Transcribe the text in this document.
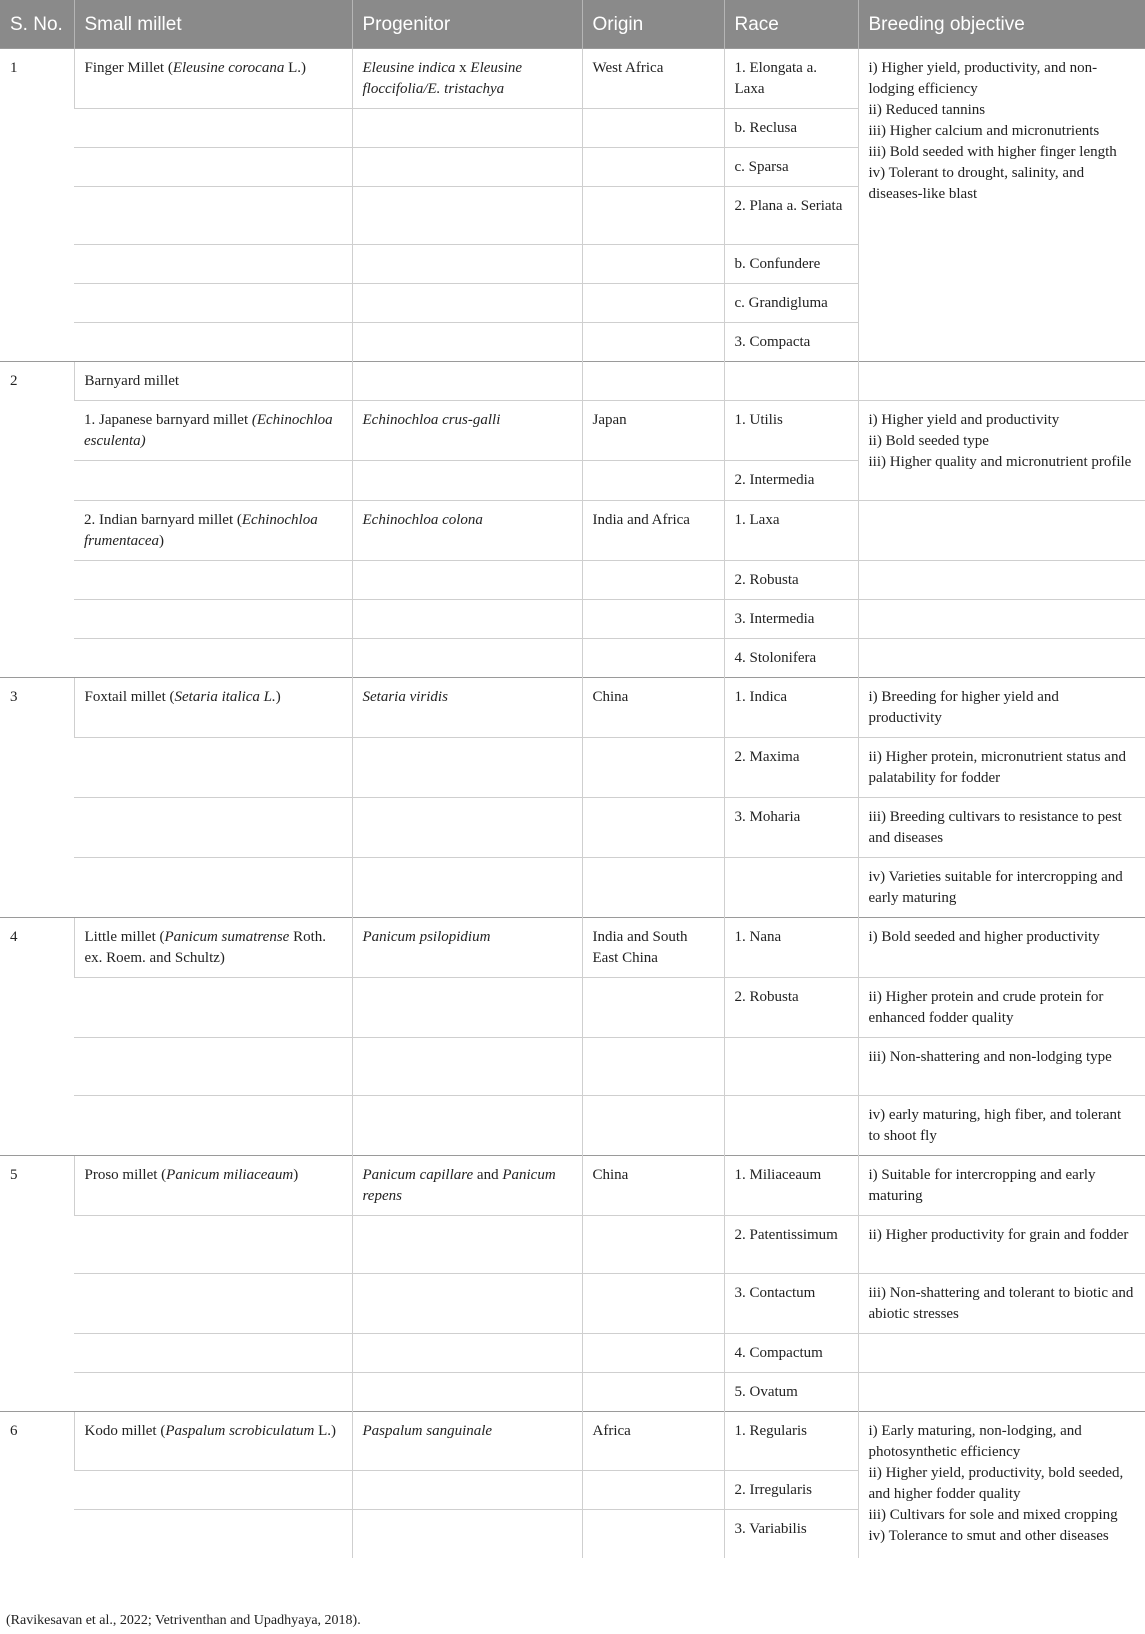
S. No.	Small millet	Progenitor	Origin	Race	Breeding objective
1	Finger Millet (Eleusine corocana L.)	Eleusine indica x Eleusine floccifolia/E. tristachya	West Africa	1. Elongata a. Laxa	i) Higher yield, productivity, and non-lodging efficiency
ii) Reduced tannins
iii) Higher calcium and micronutrients
iii) Bold seeded with higher finger length
iv) Tolerant to drought, salinity, and diseases-like blast

				b. Reclusa	
				c. Sparsa	
				2. Plana a. Seriata	
				b. Confundere	
				c. Grandigluma	
				3. Compacta	
2	Barnyard millet				
	1. Japanese barnyard millet (Echinochloa esculenta)	Echinochloa crus-galli	Japan	1. Utilis	i) Higher yield and productivity
ii) Bold seeded type
iii) Higher quality and micronutrient profile

				2. Intermedia	
	2. Indian barnyard millet (Echinochloa frumentacea)	Echinochloa colona	India and Africa	1. Laxa	
				2. Robusta	
				3. Intermedia	
				4. Stolonifera	
3	Foxtail millet (Setaria italica L.)	Setaria viridis	China	1. Indica	i) Breeding for higher yield and productivity

				2. Maxima	ii) Higher protein, micronutrient status and palatability for fodder

				3. Moharia	iii) Breeding cultivars to resistance to pest and diseases

					iv) Varieties suitable for intercropping and early maturing

4	Little millet (Panicum sumatrense Roth. ex. Roem. and Schultz)	Panicum psilopidium	India and South East China	1. Nana	i) Bold seeded and higher productivity

				2. Robusta	ii) Higher protein and crude protein for enhanced fodder quality

					iii) Non-shattering and non-lodging type

					iv) early maturing, high fiber, and tolerant to shoot fly

5	Proso millet (Panicum miliaceaum)	Panicum capillare and Panicum repens	China	1. Miliaceaum	i) Suitable for intercropping and early maturing

				2. Patentissimum	ii) Higher productivity for grain and fodder

				3. Contactum	iii) Non-shattering and tolerant to biotic and abiotic stresses

				4. Compactum	
				5. Ovatum	
6	Kodo millet (Paspalum scrobiculatum L.)	Paspalum sanguinale	Africa	1. Regularis	i) Early maturing, non-lodging, and photosynthetic efficiency
ii) Higher yield, productivity, bold seeded, and higher fodder quality
iii) Cultivars for sole and mixed cropping
iv) Tolerance to smut and other diseases

				2. Irregularis	
				3. Variabilis	

(Ravikesavan et al., 2022; Vetriventhan and Upadhyaya, 2018).
